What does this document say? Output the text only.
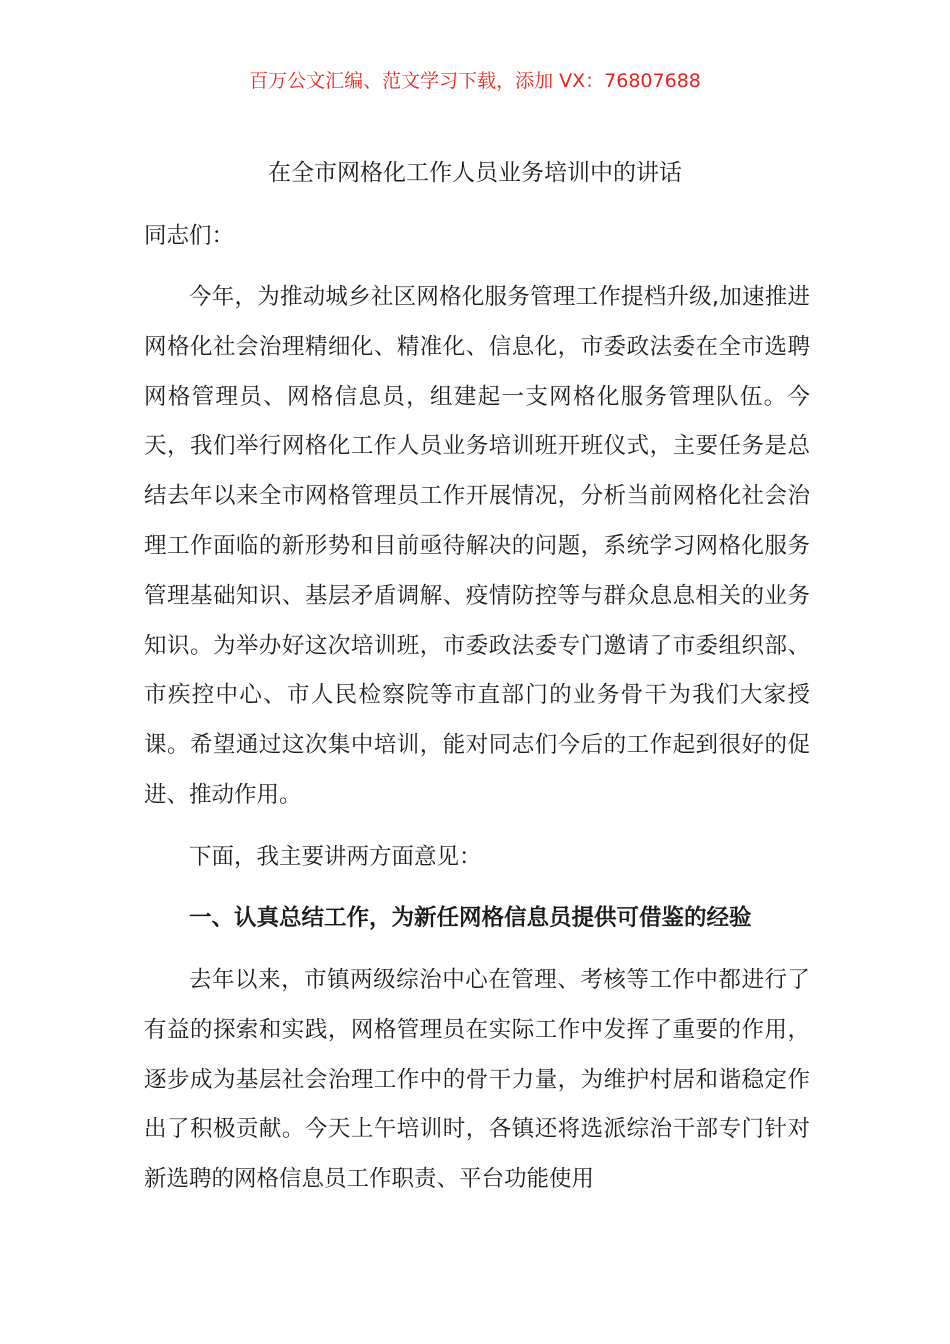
百万公文汇编、范文学习下载，添加 VX：76807688
在全市网格化工作人员业务培训中的讲话
同志们：

今年，为推动城乡社区网格化服务管理工作提档升级,加速推进网格化社会治理精细化、精准化、信息化，市委政法委在全市选聘网格管理员、网格信息员，组建起一支网格化服务管理队伍。今天，我们举行网格化工作人员业务培训班开班仪式，主要任务是总结去年以来全市网格管理员工作开展情况，分析当前网格化社会治理工作面临的新形势和目前亟待解决的问题，系统学习网格化服务管理基础知识、基层矛盾调解、疫情防控等与群众息息相关的业务知识。为举办好这次培训班，市委政法委专门邀请了市委组织部、市疾控中心、市人民检察院等市直部门的业务骨干为我们大家授课。希望通过这次集中培训，能对同志们今后的工作起到很好的促进、推动作用。

下面，我主要讲两方面意见：

一、认真总结工作，为新任网格信息员提供可借鉴的经验

去年以来，市镇两级综治中心在管理、考核等工作中都进行了有益的探索和实践，网格管理员在实际工作中发挥了重要的作用，逐步成为基层社会治理工作中的骨干力量，为维护村居和谐稳定作出了积极贡献。今天上午培训时，各镇还将选派综治干部专门针对新选聘的网格信息员工作职责、平台功能使用
